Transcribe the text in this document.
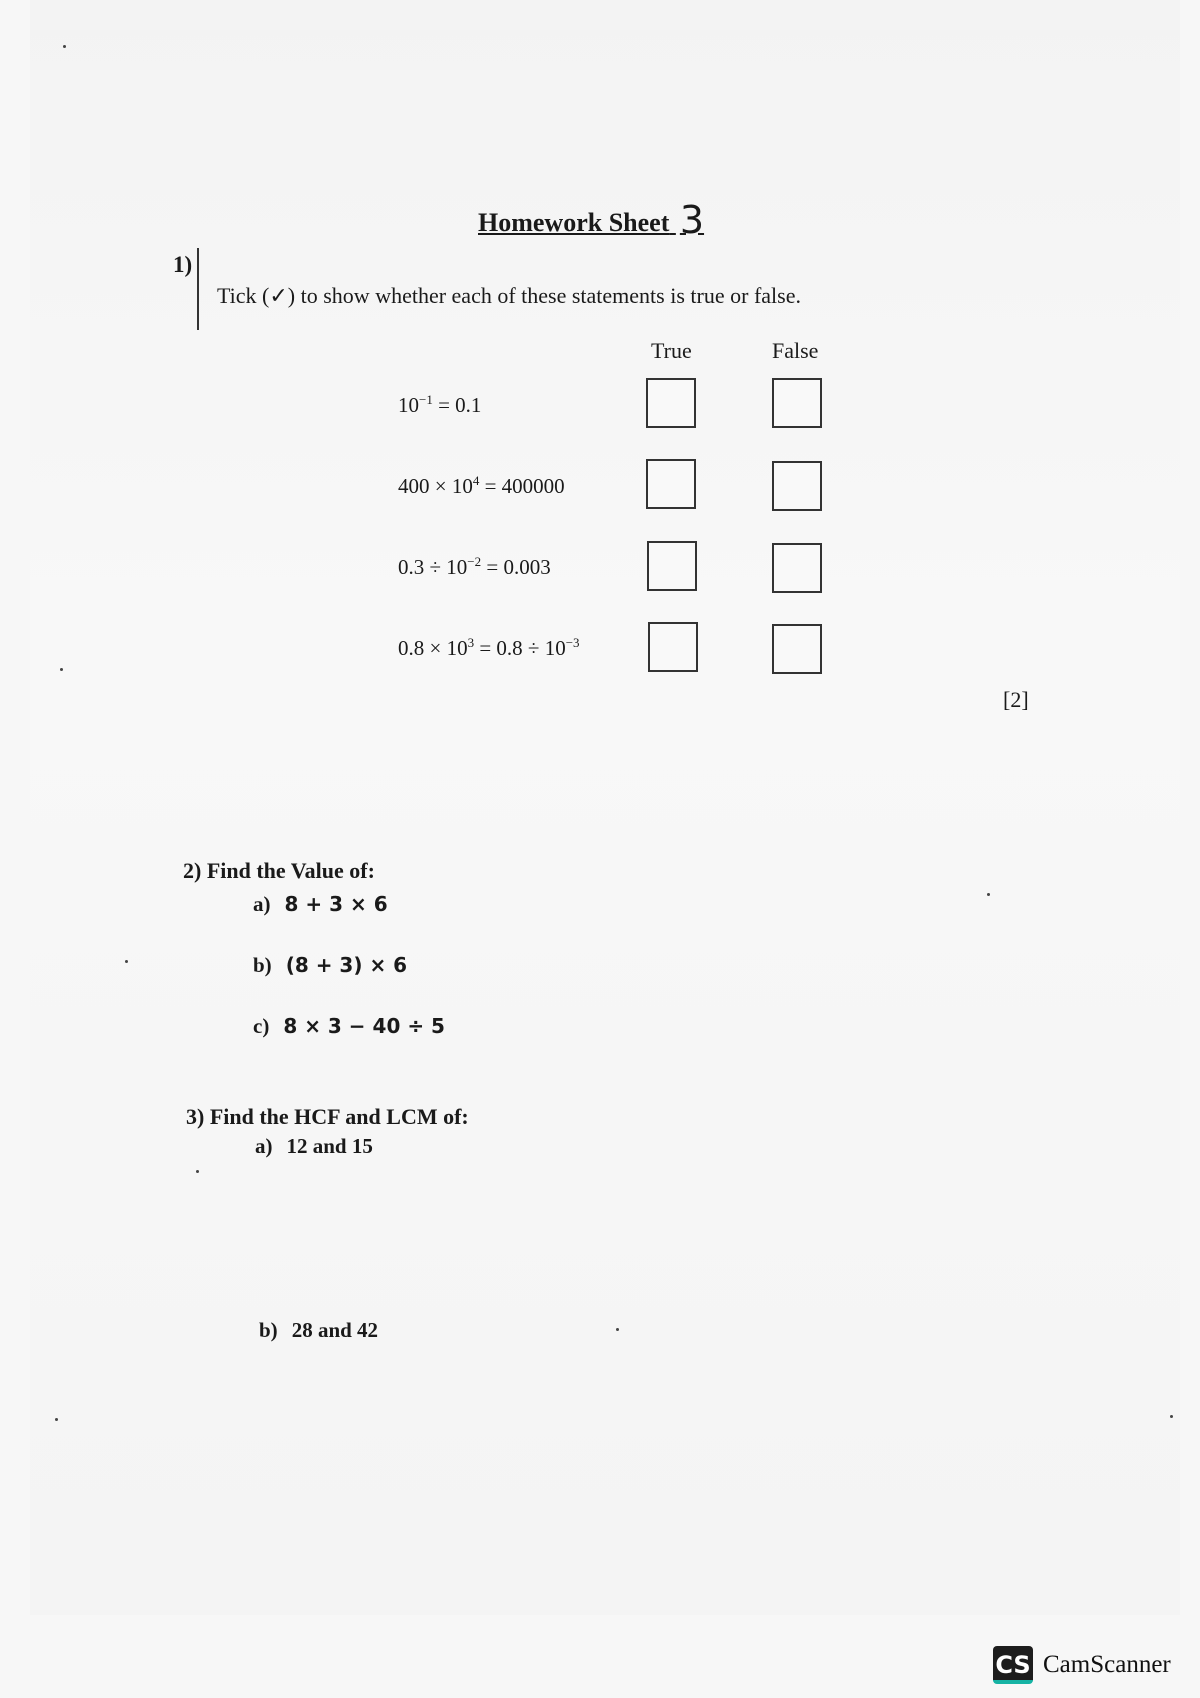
Homework Sheet 3
1)
Tick (✓) to show whether each of these statements is true or false.
True	False
$10^{-1} = 0.1$
$400 \times 10^4 = 400000$
$0.3 \div 10^{-2} = 0.003$
$0.8 \times 10^3 = 0.8 \div 10^{-3}$
[2]
2) Find the Value of:
a) 8 + 3 × 6
b) (8 + 3) × 6
c) 8 × 3 − 40 ÷ 5
3) Find the HCF and LCM of:
a) 12 and 15
b) 28 and 42
CS CamScanner
